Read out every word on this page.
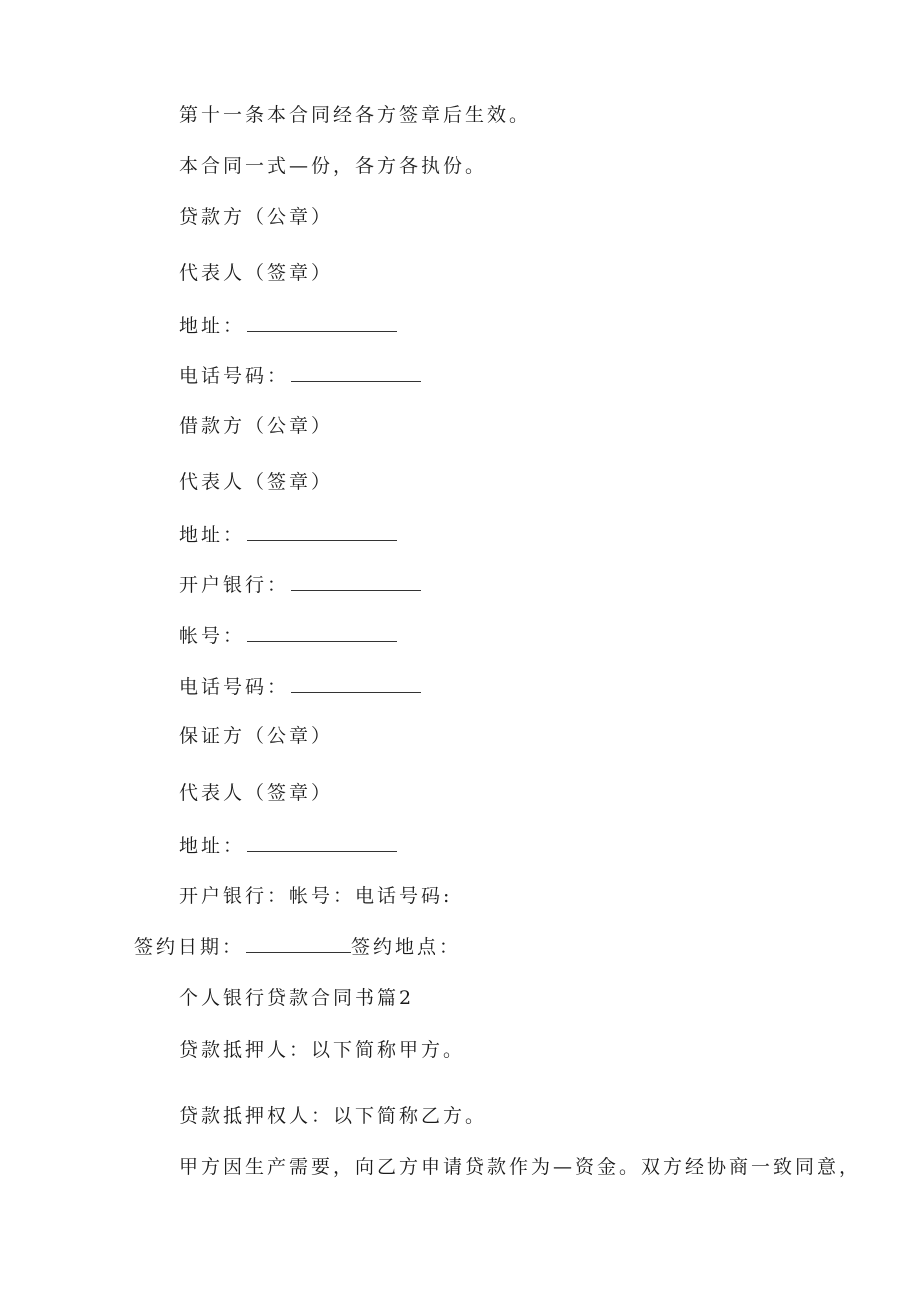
第十一条本合同经各方签章后生效。
本合同一式—份，各方各执份。
贷款方（公章）
代表人（签章）
地址：
电话号码：
借款方（公章）
代表人（签章）
地址：
开户银行：
帐号：
电话号码：
保证方（公章）
代表人（签章）
地址：
开户银行：帐号：电话号码:
签约日期：	签约地点：
个人银行贷款合同书篇2
贷款抵押人：以下简称甲方。
贷款抵押权人：以下简称乙方。
甲方因生产需要，向乙方申请贷款作为—资金。双方经协商一致同意，
